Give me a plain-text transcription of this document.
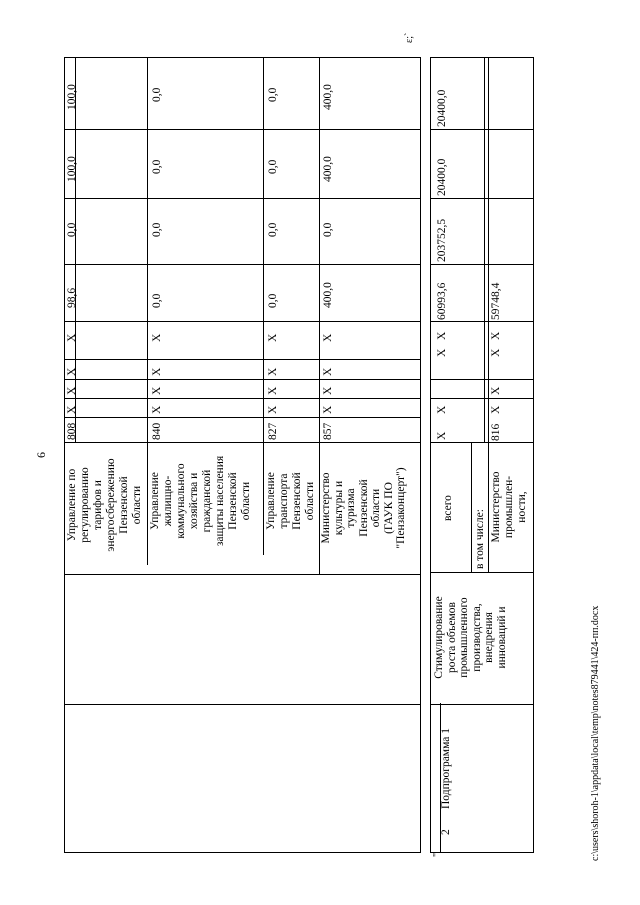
6
ε;`
"	c:\users\shoroh-1\appdata\local\temp\notes879441\424-пп.docx
Управление по регулированию тарифов и энергосбережению Пензенской области
808
X
X
X
X
98,6
0,0
100,0
100,0
Управление жилищно- коммунального хозяйства и гражданской защиты населения Пензенской области
840
X
X
X
X
0,0
0,0
0,0
0,0
Управление транспорта Пензенской области
827
X
X
X
X
0,0
0,0
0,0
0,0
Министерство культуры и туризма Пензенской области (ГАУК ПО "Пензаконцерт")
857
X
X
X
X
400,0
0,0
400,0
400,0
2
Подпрограмма 1
Стимулирование роста объемов промышленного производства, внедрения инноваций и
всего
X
X
X
X
60993,6
203752,5
20400,0
20400,0
в том числе: Министерство промышлен- ности,
816
X
X
X
X
59748,4
